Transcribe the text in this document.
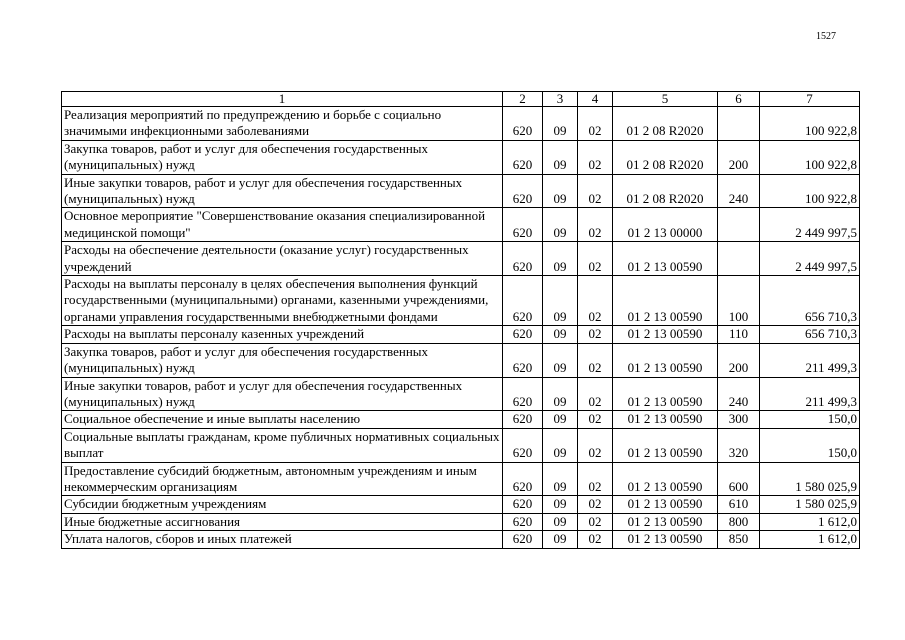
1527
1	2	3	4	5	6	7
Реализация мероприятий по предупреждению и борьбе с социально значимыми инфекционными заболеваниями	620	09	02	01 2 08 R2020		100 922,8
Закупка товаров, работ и услуг для обеспечения государственных (муниципальных) нужд	620	09	02	01 2 08 R2020	200	100 922,8
Иные закупки товаров, работ и услуг для обеспечения государственных (муниципальных) нужд	620	09	02	01 2 08 R2020	240	100 922,8
Основное мероприятие "Совершенствование оказания специализированной медицинской помощи"	620	09	02	01 2 13 00000		2 449 997,5
Расходы на обеспечение деятельности (оказание услуг) государственных учреждений	620	09	02	01 2 13 00590		2 449 997,5
Расходы на выплаты персоналу в целях обеспечения выполнения функций государственными (муниципальными) органами, казенными учреждениями, органами управления государственными внебюджетными фондами	620	09	02	01 2 13 00590	100	656 710,3
Расходы на выплаты персоналу казенных учреждений	620	09	02	01 2 13 00590	110	656 710,3
Закупка товаров, работ и услуг для обеспечения государственных (муниципальных) нужд	620	09	02	01 2 13 00590	200	211 499,3
Иные закупки товаров, работ и услуг для обеспечения государственных (муниципальных) нужд	620	09	02	01 2 13 00590	240	211 499,3
Социальное обеспечение и иные выплаты населению	620	09	02	01 2 13 00590	300	150,0
Социальные выплаты гражданам, кроме публичных нормативных социальных выплат	620	09	02	01 2 13 00590	320	150,0
Предоставление субсидий бюджетным, автономным учреждениям и иным некоммерческим организациям	620	09	02	01 2 13 00590	600	1 580 025,9
Субсидии бюджетным учреждениям	620	09	02	01 2 13 00590	610	1 580 025,9
Иные бюджетные ассигнования	620	09	02	01 2 13 00590	800	1 612,0
Уплата налогов, сборов и иных платежей	620	09	02	01 2 13 00590	850	1 612,0
